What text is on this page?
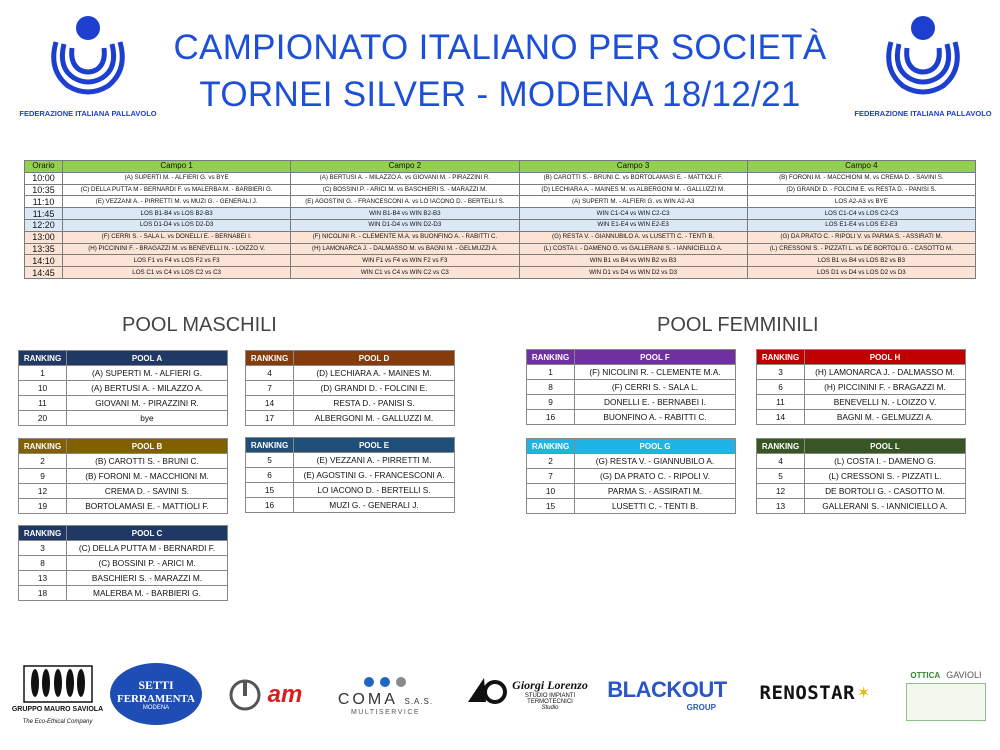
FEDERAZIONE ITALIANA PALLAVOLO	FEDERAZIONE ITALIANA PALLAVOLO
CAMPIONATO ITALIANO PER SOCIETÀ
TORNEI SILVER - MODENA 18/12/21
Orario	Campo 1	Campo 2	Campo 3	Campo 4
10:00	(A) SUPERTI M. - ALFIERI G. vs BYE	(A) BERTUSI A. - MILAZZO A. vs GIOVANI M. - PIRAZZINI R.	(B) CAROTTI S. - BRUNI C. vs BORTOLAMASI E. - MATTIOLI F.	(B) FORONI M. - MACCHIONI M. vs CREMA D. - SAVINI S.
10:35	(C) DELLA PUTTA M - BERNARDI F. vs MALERBA M. - BARBIERI G.	(C) BOSSINI P. - ARICI M. vs BASCHIERI S. - MARAZZI M.	(D) LECHIARA A. - MAINES M. vs ALBERGONI M. - GALLUZZI M.	(D) GRANDI D. - FOLCINI E. vs RESTA D. - PANISI S.
11:10	(E) VEZZANI A. - PIRRETTI M. vs MUZI G. - GENERALI J.	(E) AGOSTINI G. - FRANCESCONI A. vs LO IACONO D. - BERTELLI S.	(A) SUPERTI M. - ALFIERI G. vs WIN A2-A3	LOS A2-A3 vs BYE
11:45	LOS B1-B4 vs LOS B2-B3	WIN B1-B4 vs WIN B2-B3	WIN C1-C4 vs WIN C2-C3	LOS C1-C4 vs LOS C2-C3
12:20	LOS D1-D4 vs LOS D2-D3	WIN D1-D4 vs WIN D2-D3	WIN E1-E4 vs WIN E2-E3	LOS E1-E4 vs LOS E2-E3
13:00	(F) CERRI S. - SALA L. vs DONELLI E. - BERNABEI I.	(F) NICOLINI R. - CLEMENTE M.A. vs BUONFINO A. - RABITTI C.	(G) RESTA V. - GIANNUBILO A. vs LUSETTI C. - TENTI B.	(G) DA PRATO C. - RIPOLI V. vs PARMA S. - ASSIRATI M.
13:35	(H) PICCININI F. - BRAGAZZI M. vs BENEVELLI N. - LOIZZO V.	(H) LAMONARCA J. - DALMASSO M. vs BAGNI M. - GELMUZZI A.	(L) COSTA I. - DAMENO G. vs GALLERANI S. - IANNICIELLO A.	(L) CRESSONI S. - PIZZATI L. vs DE BORTOLI G. - CASOTTO M.
14:10	LOS F1 vs F4 vs LOS F2 vs F3	WIN F1 vs F4 vs WIN F2 vs F3	WIN B1 vs B4 vs WIN B2 vs B3	LOS B1 vs B4 vs LOS B2 vs B3
14:45	LOS C1 vs C4 vs LOS C2 vs C3	WIN C1 vs C4 vs WIN C2 vs C3	WIN D1 vs D4 vs WIN D2 vs D3	LOS D1 vs D4 vs LOS D2 vs D3
POOL MASCHILI	POOL FEMMINILI
RANKING	POOL A
1	(A) SUPERTI M. - ALFIERI G.
10	(A) BERTUSI A. - MILAZZO A.
11	GIOVANI M. - PIRAZZINI R.
20	bye
RANKING	POOL B
2	(B) CAROTTI S. - BRUNI C.
9	(B) FORONI M. - MACCHIONI M.
12	CREMA D. - SAVINI S.
19	BORTOLAMASI E. - MATTIOLI F.
RANKING	POOL C
3	(C) DELLA PUTTA M - BERNARDI F.
8	(C) BOSSINI P. - ARICI M.
13	BASCHIERI S. - MARAZZI M.
18	MALERBA M. - BARBIERI G.
RANKING	POOL D
4	(D) LECHIARA A. - MAINES M.
7	(D) GRANDI D. - FOLCINI E.
14	RESTA D. - PANISI S.
17	ALBERGONI M. - GALLUZZI M.
RANKING	POOL E
5	(E) VEZZANI A. - PIRRETTI M.
6	(E) AGOSTINI G. - FRANCESCONI A.
15	LO IACONO D. - BERTELLI S.
16	MUZI G. - GENERALI J.
RANKING	POOL F
1	(F) NICOLINI R. - CLEMENTE M.A.
8	(F) CERRI S. - SALA L.
9	DONELLI E. - BERNABEI I.
16	BUONFINO A. - RABITTI C.
RANKING	POOL G
2	(G) RESTA V. - GIANNUBILO A.
7	(G) DA PRATO C. - RIPOLI V.
10	PARMA S. - ASSIRATI M.
15	LUSETTI C. - TENTI B.
RANKING	POOL H
3	(H) LAMONARCA J. - DALMASSO M.
6	(H) PICCININI F. - BRAGAZZI M.
11	BENEVELLI N. - LOIZZO V.
14	BAGNI M. - GELMUZZI A.
RANKING	POOL L
4	(L) COSTA I. - DAMENO G.
5	(L) CRESSONI S. - PIZZATI L.
12	DE BORTOLI G. - CASOTTO M.
13	GALLERANI S. - IANNICIELLO A.
GRUPPO MAURO SAVIOLA
The Eco-Ethical Company
SETTI
FERRAMENTA
MODENA	am COMA S.A.S.
MULTISERVICE
Giorgi Lorenzo
STUDIO IMPIANTI
TERMOTECNICI
Studio
BLACKOUT
GROUP
RENOSTAR ✶
OTTICA GAVIOLI
